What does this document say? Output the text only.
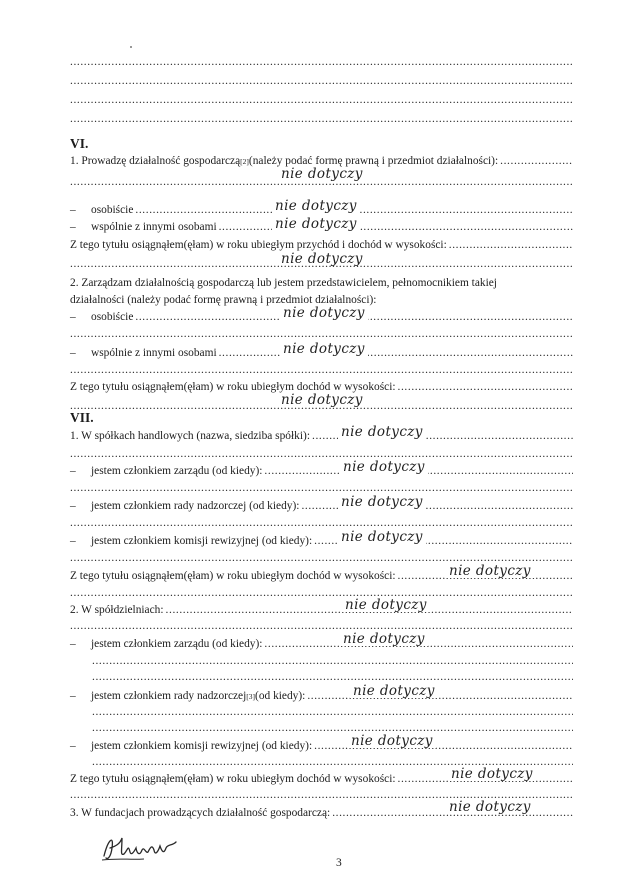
.....
.....
.....
.....
VI.
1. Prowadzę działalność gospodarczą [2] (należy podać formę prawną i przedmiot działalności):
.....
nie dotyczy
.....
–	osobiście .....	nie dotyczy
–	wspólnie z innymi osobami .....	nie dotyczy
Z tego tytułu osiągnąłem(ęłam) w roku ubiegłym przychód i dochód w wysokości:
.....
nie dotyczy
.....
2. Zarządzam działalnością gospodarczą lub jestem przedstawicielem, pełnomocnikiem takiej
działalności (należy podać formę prawną i przedmiot działalności):
–	osobiście .....	nie dotyczy
.....
–	wspólnie z innymi osobami .....	nie dotyczy
.....
Z tego tytułu osiągnąłem(ęłam) w roku ubiegłym dochód w wysokości:
.....
nie dotyczy
.....
VII.
1. W spółkach handlowych (nazwa, siedziba spółki): ..... nie dotyczy
.....
–	jestem członkiem zarządu (od kiedy): .....	nie dotyczy
.....
–	jestem członkiem rady nadzorczej (od kiedy): .....	nie dotyczy
.....
–	jestem członkiem komisji rewizyjnej (od kiedy): ..... nie dotyczy
.....
Z tego tytułu osiągnąłem(ęłam) w roku ubiegłym dochód w wysokości: .....	nie dotyczy
.....
2. W spółdzielniach: .....	nie dotyczy
.....
–	jestem członkiem zarządu (od kiedy): .....	nie dotyczy
.....
.....
–	jestem członkiem rady nadzorczej [3] (od kiedy): .....	nie dotyczy
.....
.....
–	jestem członkiem komisji rewizyjnej (od kiedy): .....	nie dotyczy
.....
Z tego tytułu osiągnąłem(ęłam) w roku ubiegłym dochód w wysokości: .....	nie dotyczy
.....
3. W fundacjach prowadzących działalność gospodarczą: .....	nie dotyczy
3
